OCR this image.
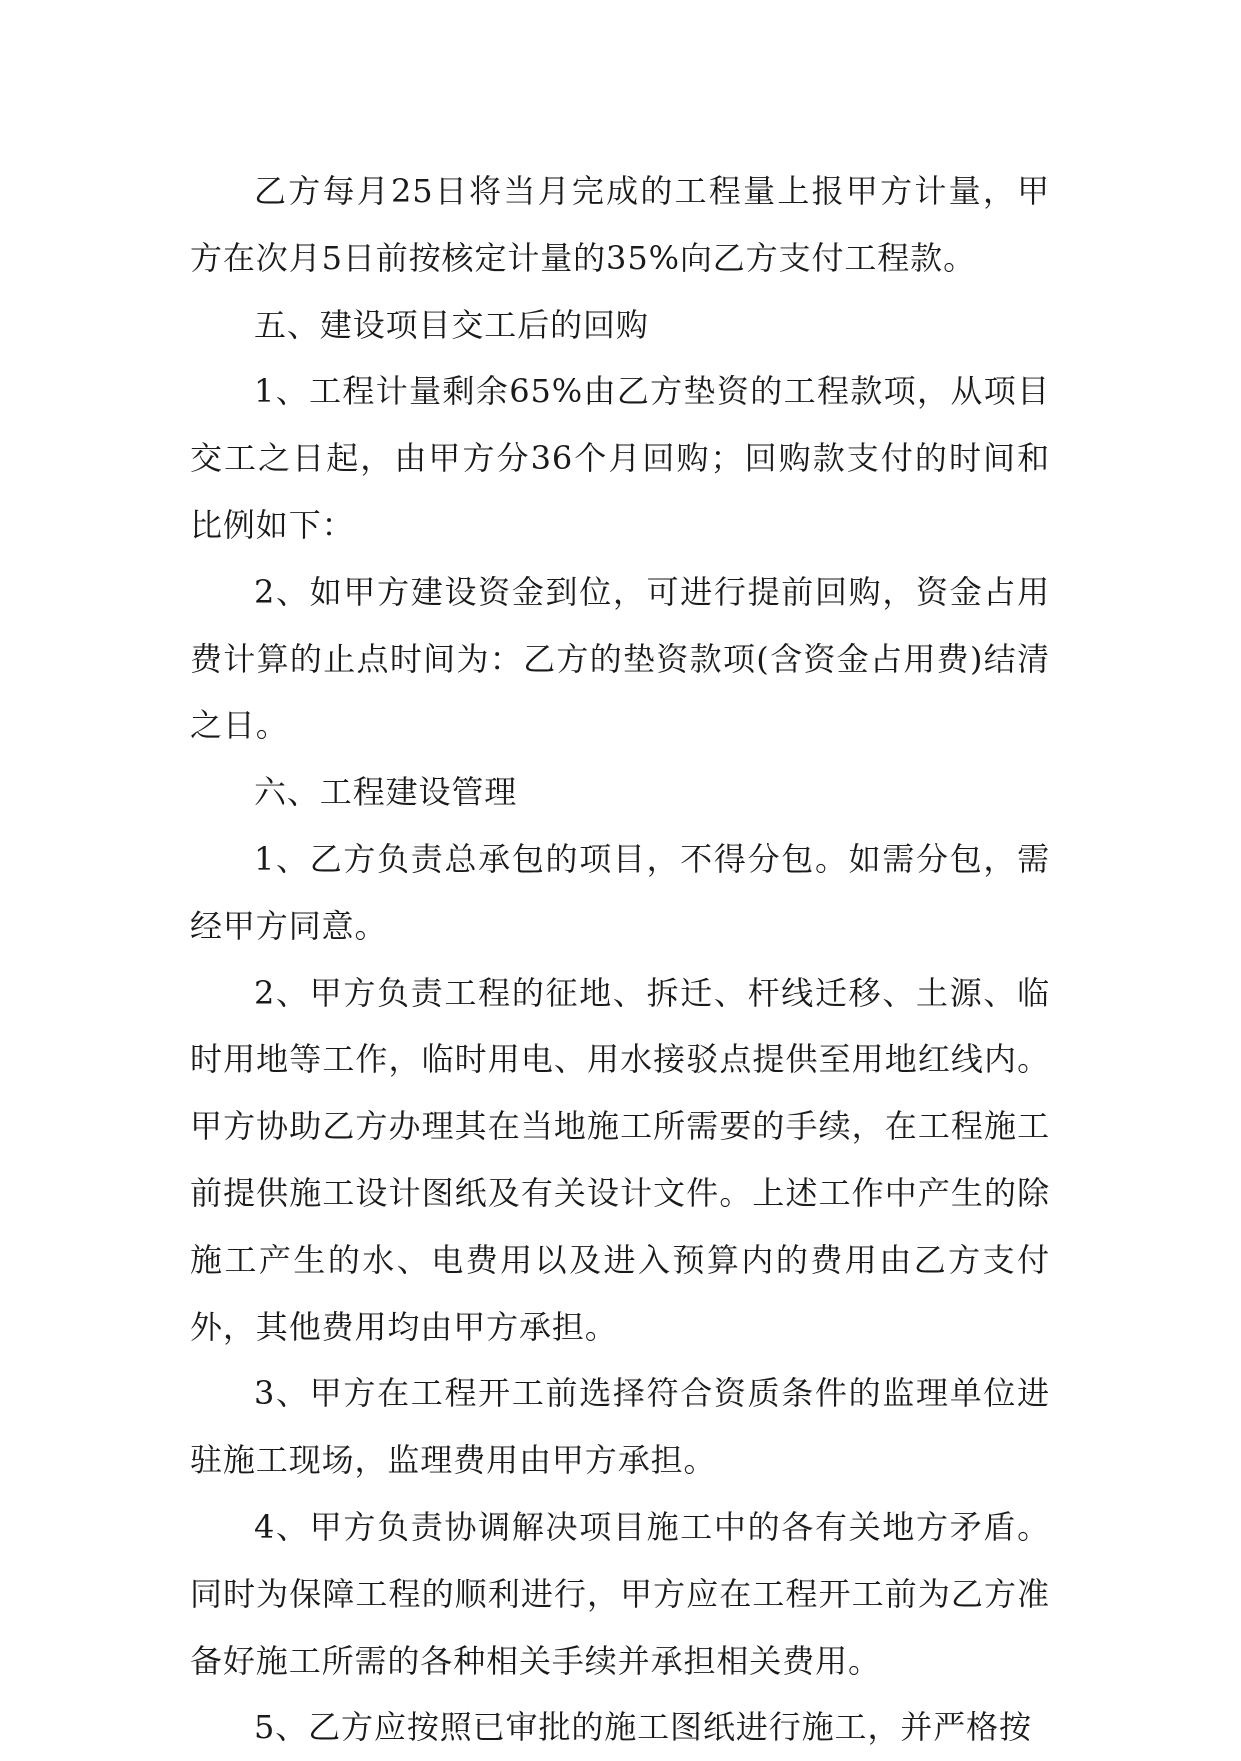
乙方每月25日将当月完成的工程量上报甲方计量，甲方在次月5日前按核定计量的35%向乙方支付工程款。

五、建设项目交工后的回购

1、工程计量剩余65%由乙方垫资的工程款项，从项目交工之日起，由甲方分36个月回购；回购款支付的时间和比例如下：

2、如甲方建设资金到位，可进行提前回购，资金占用费计算的止点时间为：乙方的垫资款项(含资金占用费)结清之日。

六、工程建设管理

1、乙方负责总承包的项目，不得分包。如需分包，需经甲方同意。

2、甲方负责工程的征地、拆迁、杆线迁移、土源、临时用地等工作，临时用电、用水接驳点提供至用地红线内。甲方协助乙方办理其在当地施工所需要的手续，在工程施工前提供施工设计图纸及有关设计文件。上述工作中产生的除施工产生的水、电费用以及进入预算内的费用由乙方支付外，其他费用均由甲方承担。

3、甲方在工程开工前选择符合资质条件的监理单位进驻施工现场，监理费用由甲方承担。

4、甲方负责协调解决项目施工中的各有关地方矛盾。同时为保障工程的顺利进行，甲方应在工程开工前为乙方准备好施工所需的各种相关手续并承担相关费用。

5、乙方应按照已审批的施工图纸进行施工，并严格按
